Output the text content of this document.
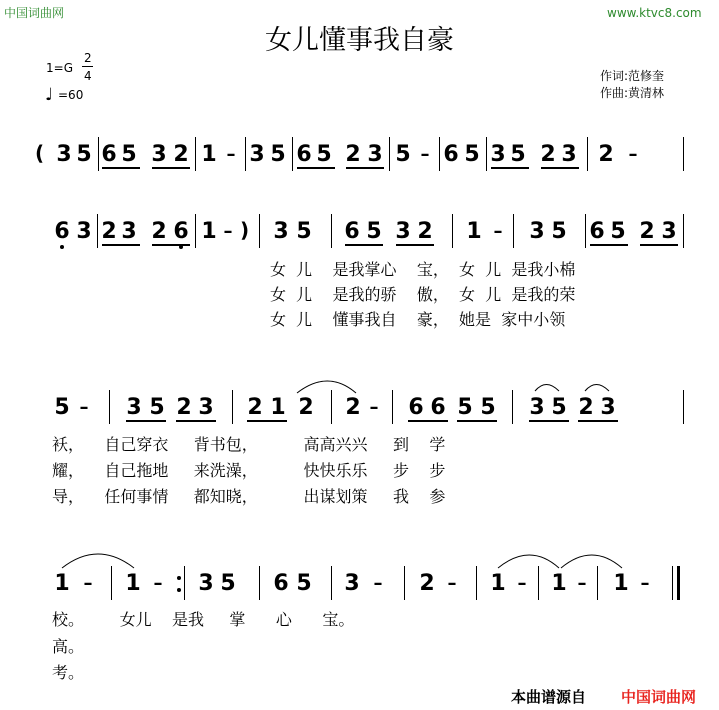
中国词曲网	www.ktvc8.com
女儿懂事我自豪
1=G
2
4
♩ =60
作词:范修奎
作曲:黄清林
( 3 5 6 5 3 2 1 – 3 5 6 5 2 3 5 – 6 5 3 5 2 3 2 –
6 3 2 3 2 6 1 – ) 3 5 6 5 3 2 1 – 3 5 6 5 2 3
女  儿    是我掌心    宝，  女  儿  是我小棉
女  儿    是我的骄    傲，  女  儿  是我的荣
女  儿    懂事我自    豪，  她是  家中小领
5 – 3 5 2 3 2 1 2 2 – 6 6 5 5 3 5 2 3
袄，    自己穿衣     背书包，         高高兴兴     到    学
耀，    自己拖地     来洗澡，         快快乐乐     步    步
导，    任何事情     都知晓，         出谋划策     我    参
1 – 1 – 3 5 6 5 3 – 2 – 1 – 1 – 1 –
校。       女儿    是我     掌      心      宝。
高。
考。
本曲谱源自 中国词曲网
